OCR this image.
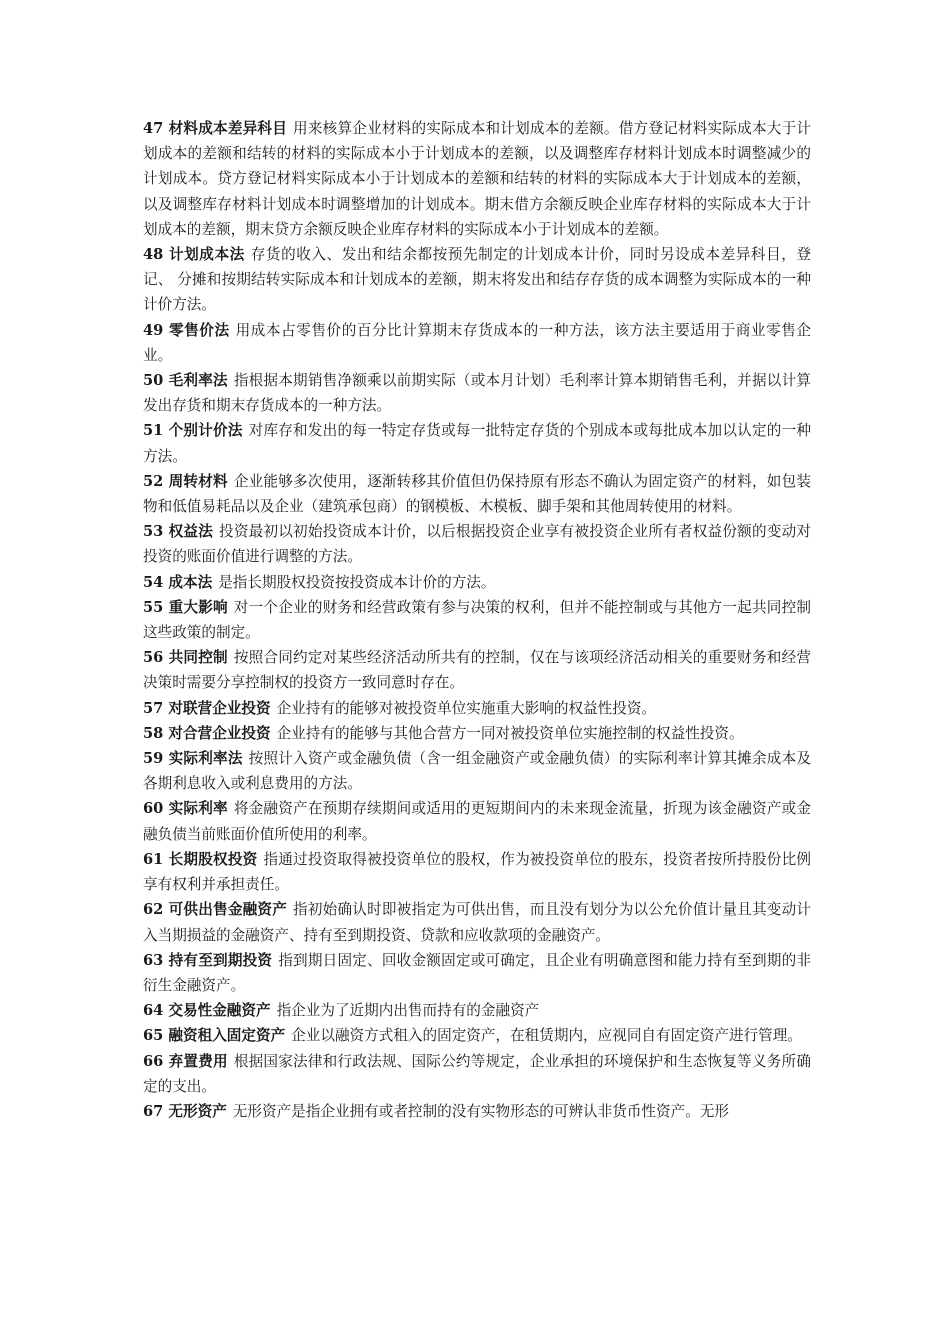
47 材料成本差异科目 用来核算企业材料的实际成本和计划成本的差额。借方登记材料实际成本大于计划成本的差额和结转的材料的实际成本小于计划成本的差额，以及调整库存材料计划成本时调整减少的计划成本。贷方登记材料实际成本小于计划成本的差额和结转的材料的实际成本大于计划成本的差额，以及调整库存材料计划成本时调整增加的计划成本。期末借方余额反映企业库存材料的实际成本大于计划成本的差额，期末贷方余额反映企业库存材料的实际成本小于计划成本的差额。

48 计划成本法 存货的收入、发出和结余都按预先制定的计划成本计价，同时另设成本差异科目，登记、 分摊和按期结转实际成本和计划成本的差额，期末将发出和结存存货的成本调整为实际成本的一种计价方法。

49 零售价法 用成本占零售价的百分比计算期末存货成本的一种方法，该方法主要适用于商业零售企业。

50 毛利率法 指根据本期销售净额乘以前期实际（或本月计划）毛利率计算本期销售毛利，并据以计算发出存货和期末存货成本的一种方法。

51 个别计价法 对库存和发出的每一特定存货或每一批特定存货的个别成本或每批成本加以认定的一种方法。

52 周转材料 企业能够多次使用，逐渐转移其价值但仍保持原有形态不确认为固定资产的材料，如包装物和低值易耗品以及企业（建筑承包商）的钢模板、木模板、脚手架和其他周转使用的材料。

53 权益法 投资最初以初始投资成本计价，以后根据投资企业享有被投资企业所有者权益份额的变动对投资的账面价值进行调整的方法。

54 成本法 是指长期股权投资按投资成本计价的方法。

55 重大影响 对一个企业的财务和经营政策有参与决策的权利，但并不能控制或与其他方一起共同控制这些政策的制定。

56 共同控制 按照合同约定对某些经济活动所共有的控制，仅在与该项经济活动相关的重要财务和经营决策时需要分享控制权的投资方一致同意时存在。

57 对联营企业投资 企业持有的能够对被投资单位实施重大影响的权益性投资。

58 对合营企业投资 企业持有的能够与其他合营方一同对被投资单位实施控制的权益性投资。

59 实际利率法 按照计入资产或金融负债（含一组金融资产或金融负债）的实际利率计算其摊余成本及各期利息收入或利息费用的方法。

60 实际利率 将金融资产在预期存续期间或适用的更短期间内的未来现金流量，折现为该金融资产或金融负债当前账面价值所使用的利率。

61 长期股权投资 指通过投资取得被投资单位的股权，作为被投资单位的股东，投资者按所持股份比例享有权利并承担责任。

62 可供出售金融资产 指初始确认时即被指定为可供出售，而且没有划分为以公允价值计量且其变动计入当期损益的金融资产、持有至到期投资、贷款和应收款项的金融资产。

63 持有至到期投资 指到期日固定、回收金额固定或可确定，且企业有明确意图和能力持有至到期的非衍生金融资产。

64 交易性金融资产 指企业为了近期内出售而持有的金融资产

65 融资租入固定资产 企业以融资方式租入的固定资产，在租赁期内，应视同自有固定资产进行管理。

66 弃置费用 根据国家法律和行政法规、国际公约等规定，企业承担的环境保护和生态恢复等义务所确定的支出。

67 无形资产 无形资产是指企业拥有或者控制的没有实物形态的可辨认非货币性资产。无形
